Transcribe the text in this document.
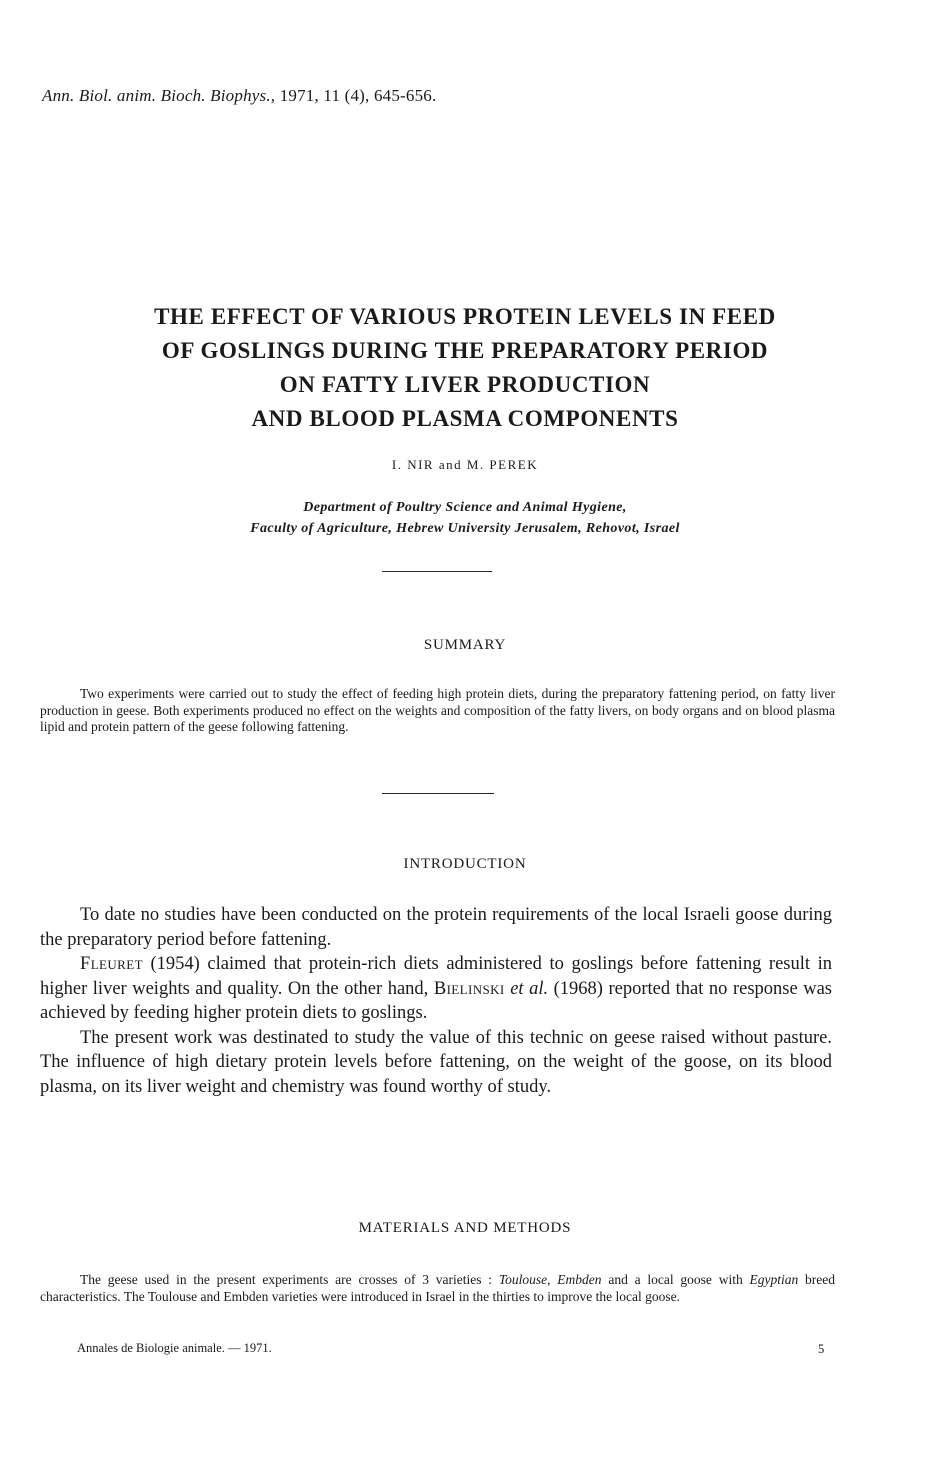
Ann. Biol. anim. Bioch. Biophys., 1971, 11 (4), 645-656.
THE EFFECT OF VARIOUS PROTEIN LEVELS IN FEED
OF GOSLINGS DURING THE PREPARATORY PERIOD
ON FATTY LIVER PRODUCTION
AND BLOOD PLASMA COMPONENTS
I. NIR and M. PEREK
Department of Poultry Science and Animal Hygiene,
Faculty of Agriculture, Hebrew University Jerusalem, Rehovot, Israel
SUMMARY
Two experiments were carried out to study the effect of feeding high protein diets, during the preparatory fattening period, on fatty liver production in geese. Both experiments produced no effect on the weights and composition of the fatty livers, on body organs and on blood plasma lipid and protein pattern of the geese following fattening.
INTRODUCTION

To date no studies have been conducted on the protein requirements of the local Israeli goose during the preparatory period before fattening.

Fleuret (1954) claimed that protein-rich diets administered to goslings before fattening result in higher liver weights and quality. On the other hand, Bielinski et al. (1968) reported that no response was achieved by feeding higher protein diets to goslings.

The present work was destinated to study the value of this technic on geese raised without pasture. The influence of high dietary protein levels before fattening, on the weight of the goose, on its blood plasma, on its liver weight and chemistry was found worthy of study.

MATERIALS AND METHODS
The geese used in the present experiments are crosses of 3 varieties : Toulouse, Embden and a local goose with Egyptian breed characteristics. The Toulouse and Embden varieties were introduced in Israel in the thirties to improve the local goose.
Annales de Biologie animale. — 1971.	5
